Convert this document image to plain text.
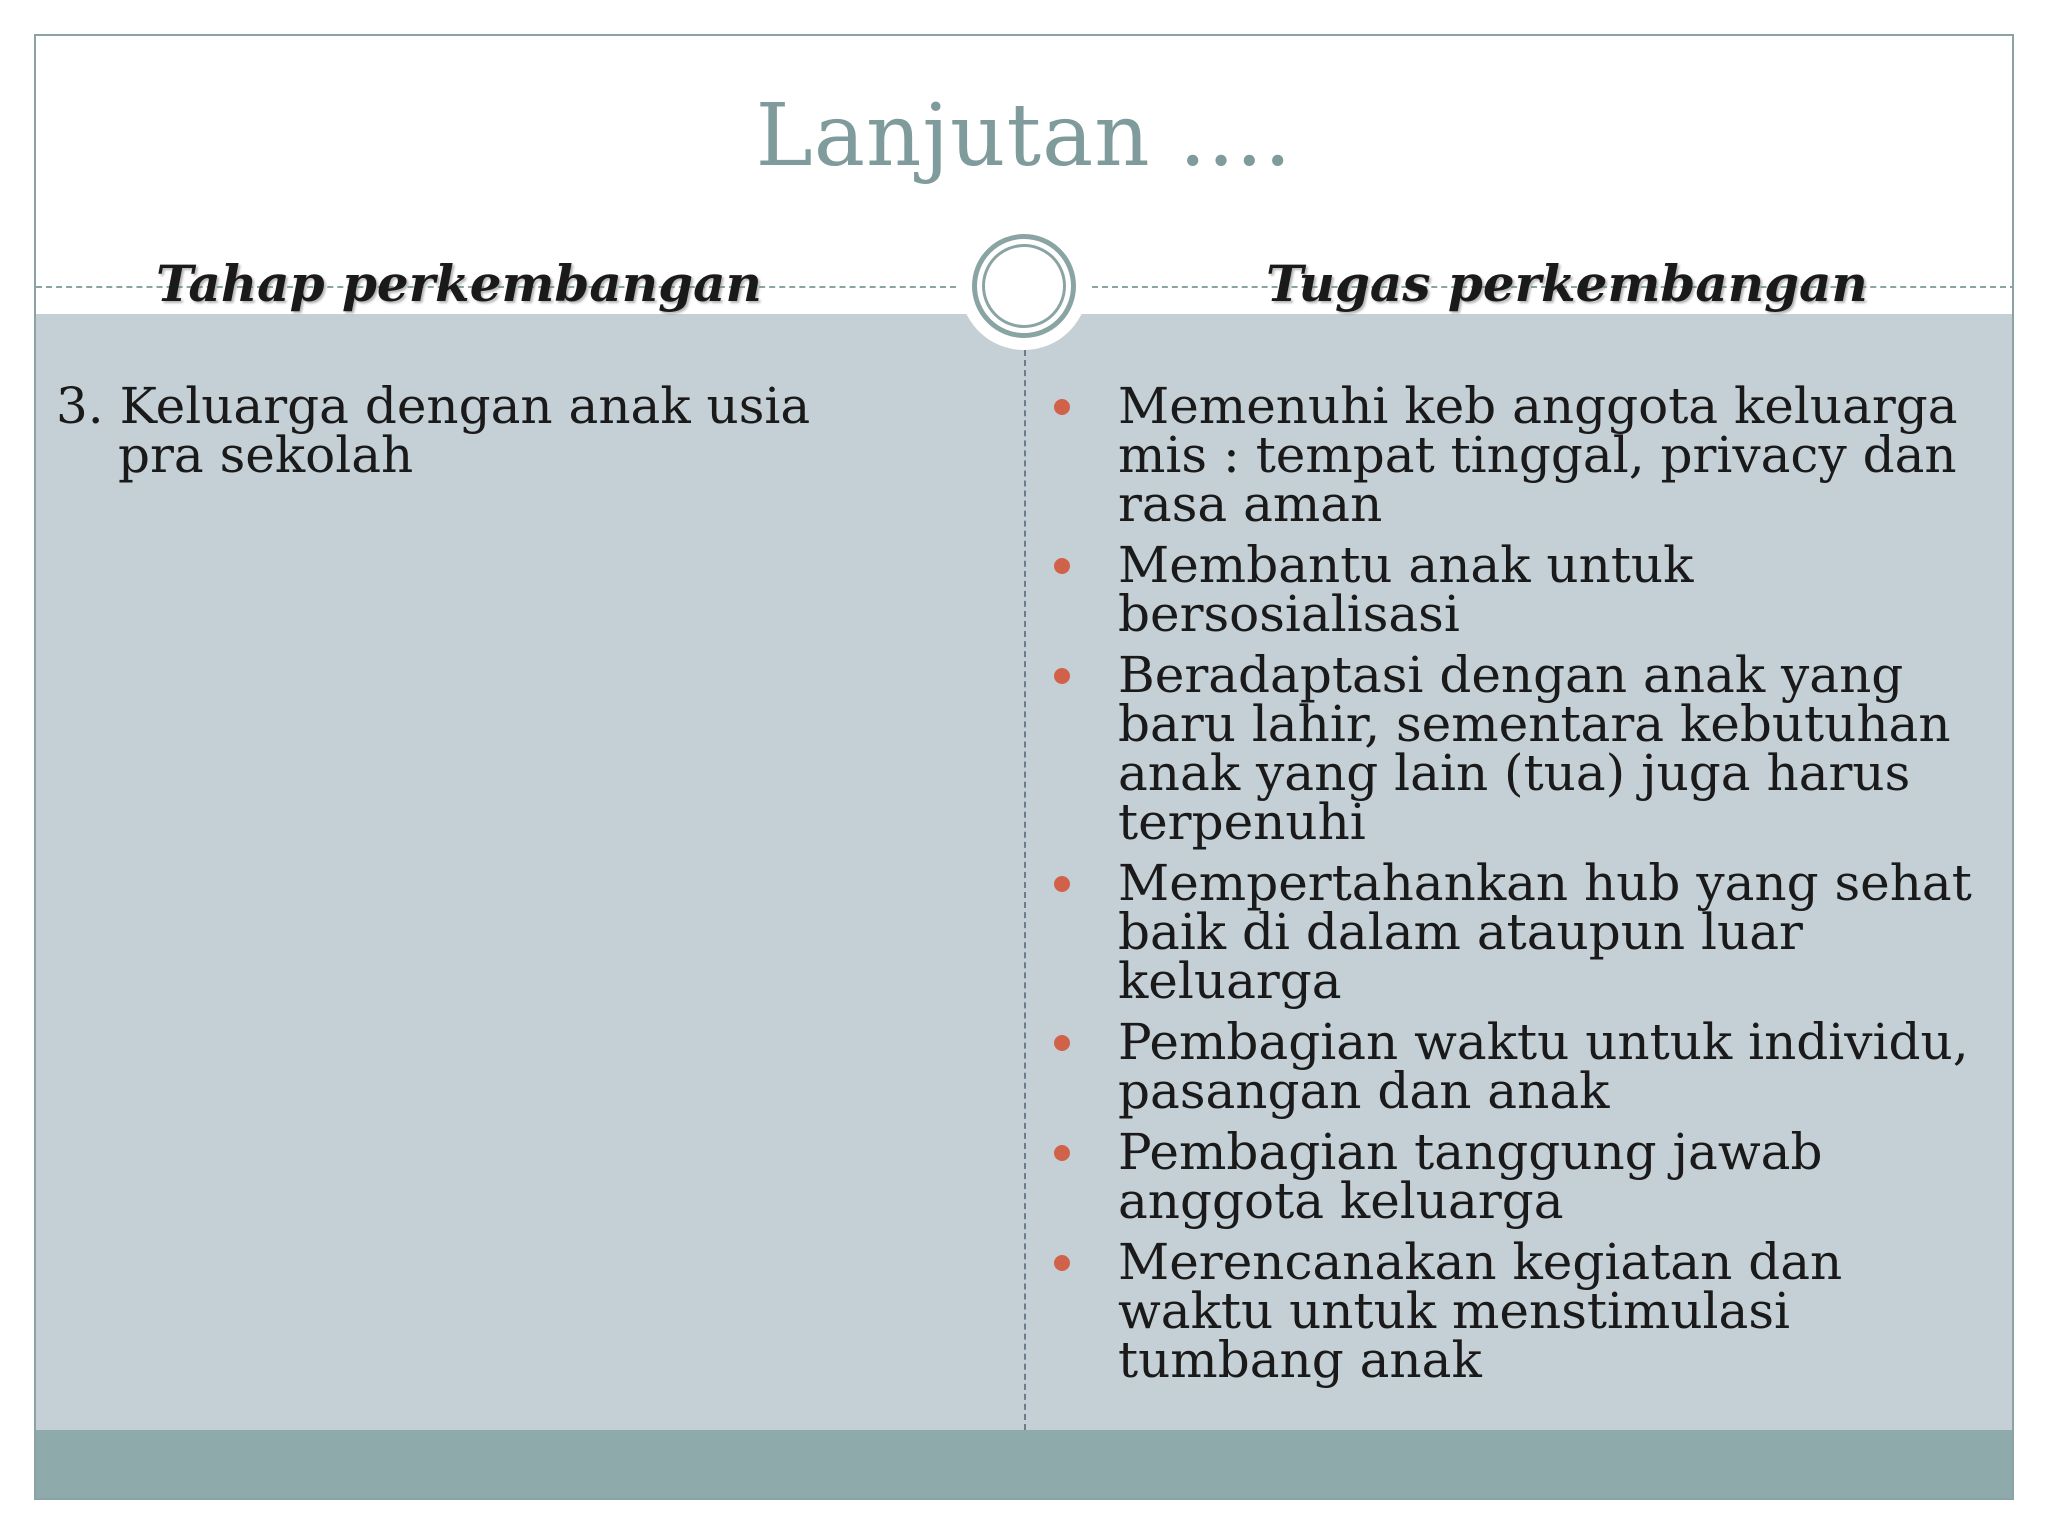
Lanjutan ....
Tahap perkembangan	Tugas perkembangan
3. Keluarga dengan anak usia
pra sekolah
Memenuhi keb anggota keluarga mis : tempat tinggal, privacy dan rasa aman
Membantu anak untuk bersosialisasi
Beradaptasi dengan anak yang baru lahir, sementara kebutuhan anak yang lain (tua) juga harus terpenuhi
Mempertahankan hub yang sehat baik di dalam ataupun luar keluarga
Pembagian waktu untuk individu, pasangan dan anak
Pembagian tanggung jawab anggota keluarga
Merencanakan kegiatan dan waktu untuk menstimulasi tumbang anak
